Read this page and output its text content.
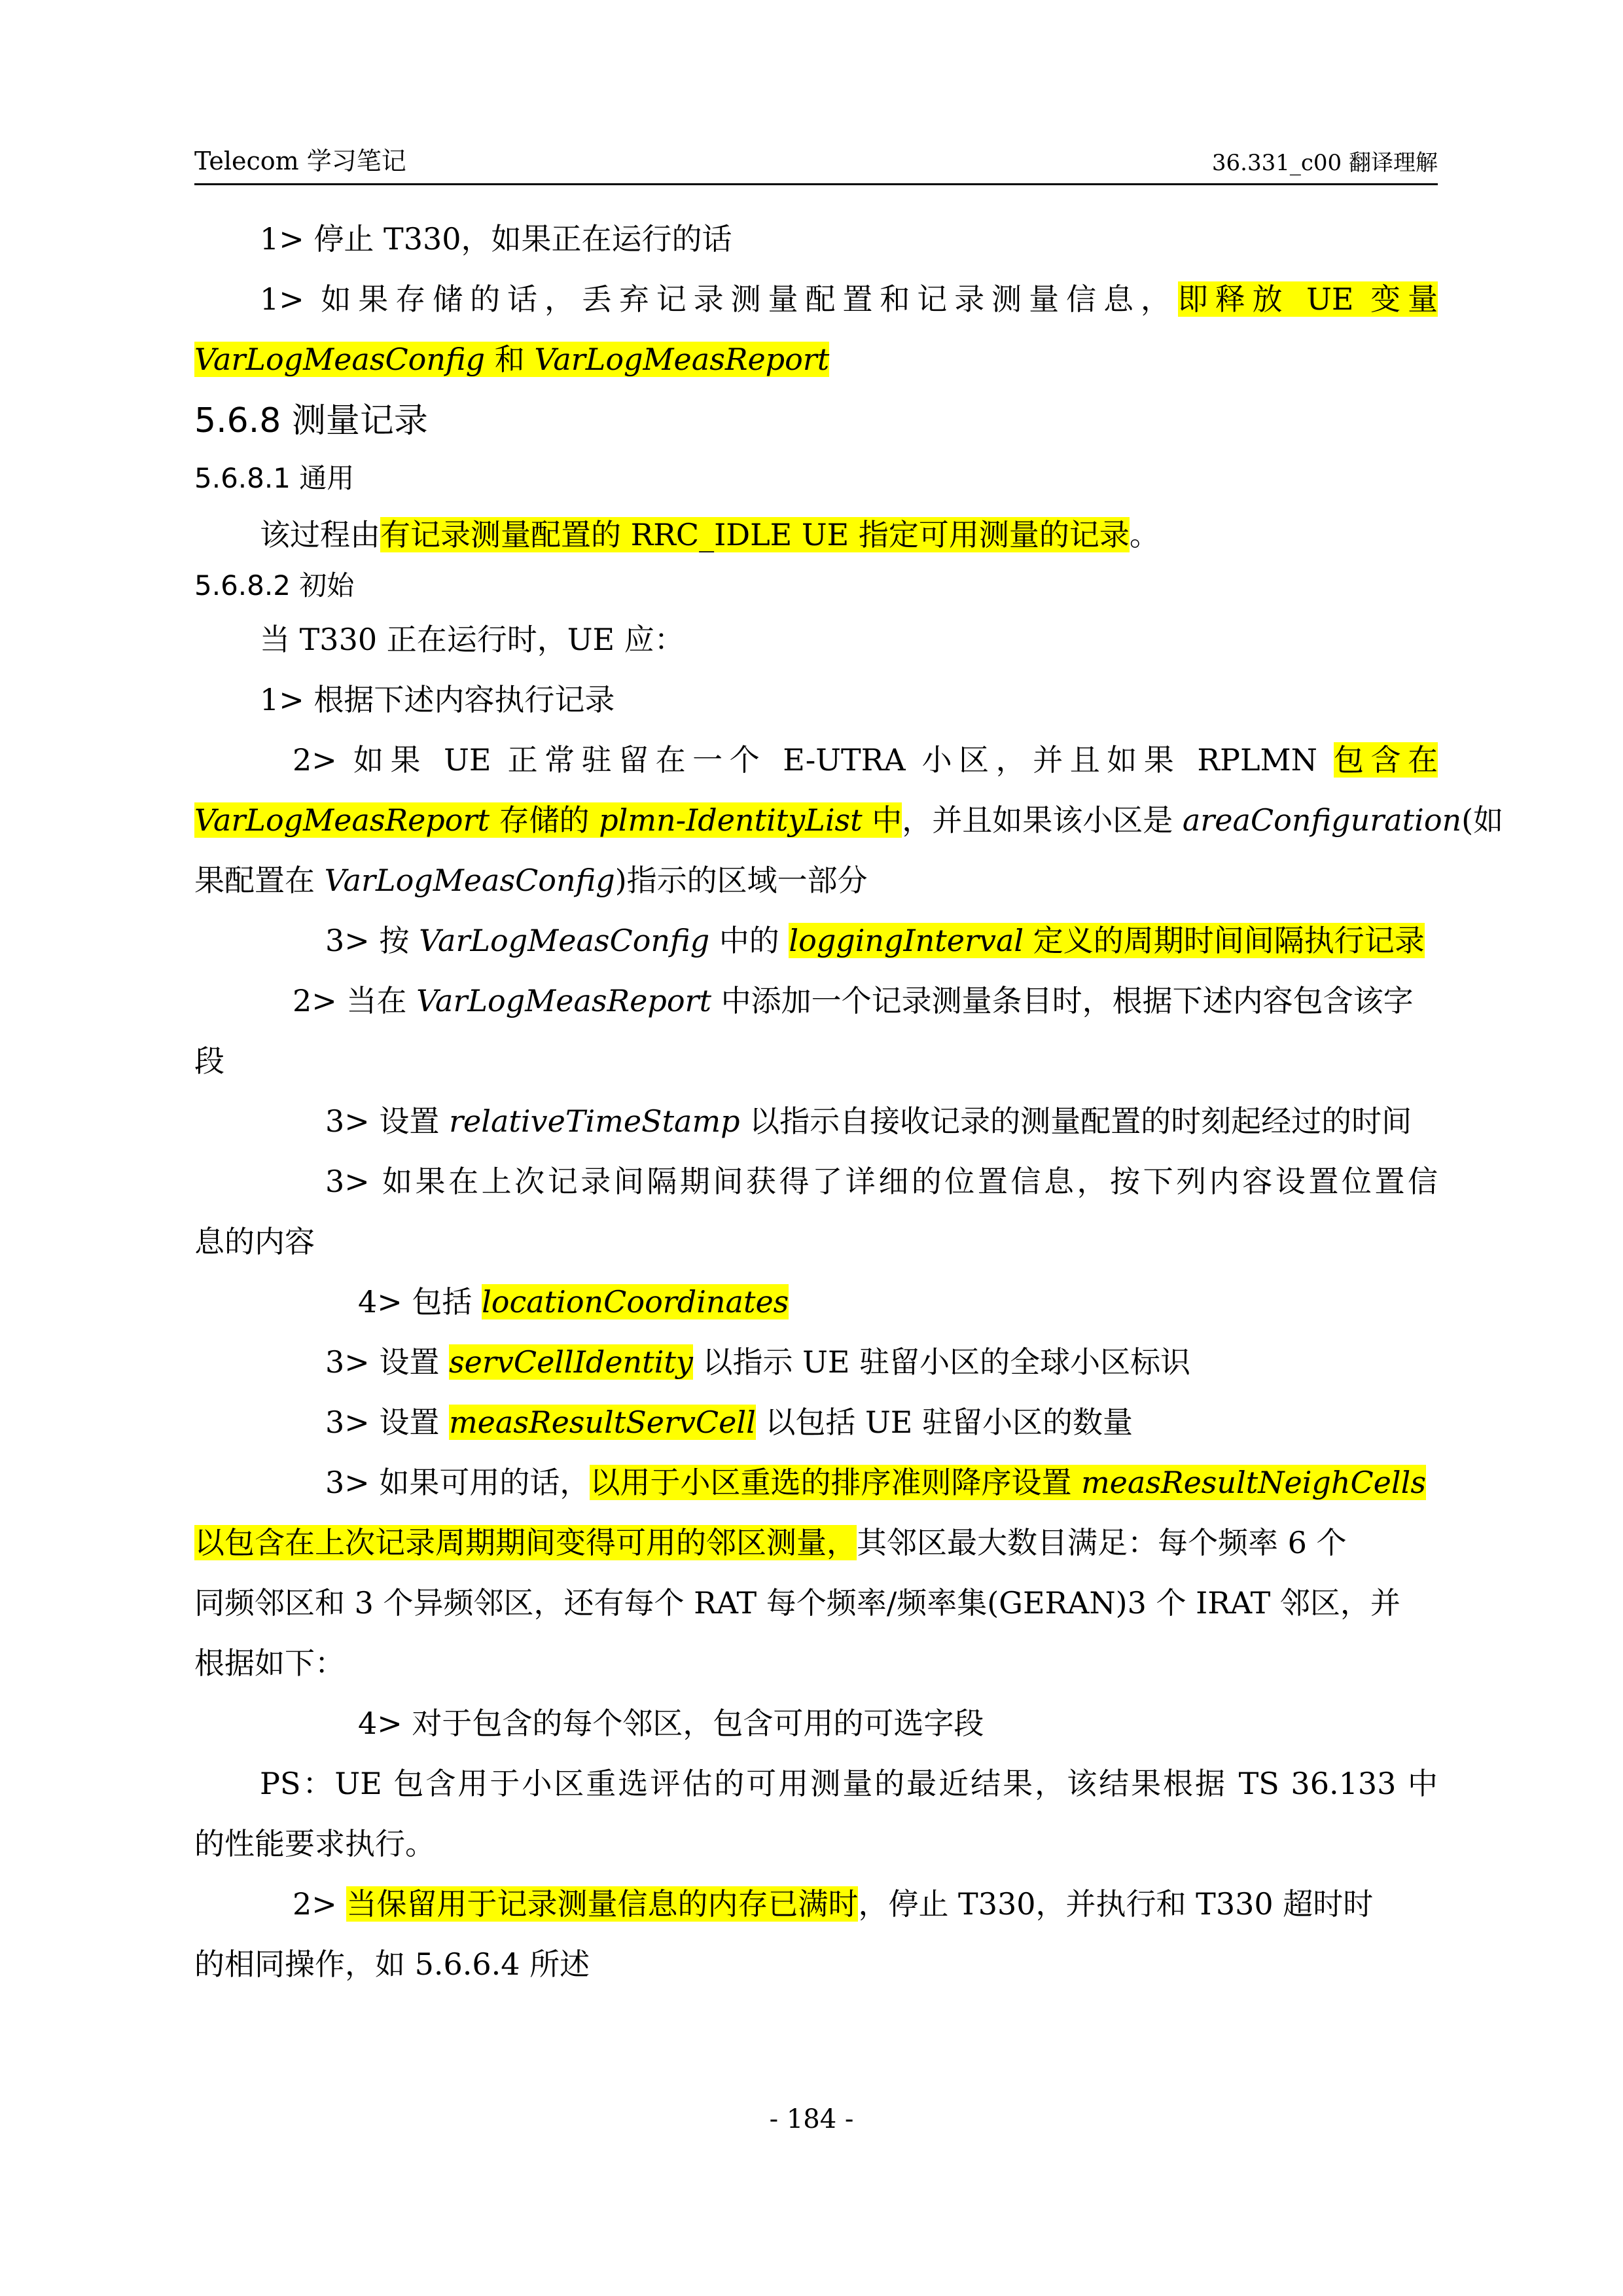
Telecom 学习笔记	36.331_c00 翻译理解
1> 停止 T330，如果正在运行的话
1> 如果存储的话，丢弃记录测量配置和记录测量信息，即释放 UE 变量
VarLogMeasConfig 和 VarLogMeasReport
5.6.8 测量记录
5.6.8.1 通用
该过程由有记录测量配置的 RRC_IDLE UE 指定可用测量的记录。
5.6.8.2 初始
当 T330 正在运行时，UE 应：
1> 根据下述内容执行记录
2> 如果 UE 正常驻留在一个 E-UTRA 小区，并且如果 RPLMN 包含在
VarLogMeasReport 存储的 plmn-IdentityList 中，并且如果该小区是 areaConfiguration(如
果配置在 VarLogMeasConfig)指示的区域一部分
3> 按 VarLogMeasConfig 中的 loggingInterval 定义的周期时间间隔执行记录
2> 当在 VarLogMeasReport 中添加一个记录测量条目时，根据下述内容包含该字
段
3> 设置 relativeTimeStamp 以指示自接收记录的测量配置的时刻起经过的时间
3> 如果在上次记录间隔期间获得了详细的位置信息，按下列内容设置位置信
息的内容
4> 包括 locationCoordinates
3> 设置 servCellIdentity 以指示 UE 驻留小区的全球小区标识
3> 设置 measResultServCell 以包括 UE 驻留小区的数量
3> 如果可用的话，以用于小区重选的排序准则降序设置 measResultNeighCells
以包含在上次记录周期期间变得可用的邻区测量，其邻区最大数目满足：每个频率 6 个
同频邻区和 3 个异频邻区，还有每个 RAT 每个频率/频率集(GERAN)3 个 IRAT 邻区，并
根据如下：
4> 对于包含的每个邻区，包含可用的可选字段
PS：UE 包含用于小区重选评估的可用测量的最近结果，该结果根据 TS 36.133 中
的性能要求执行。
2> 当保留用于记录测量信息的内存已满时，停止 T330，并执行和 T330 超时时
的相同操作，如 5.6.6.4 所述
- 184 -
